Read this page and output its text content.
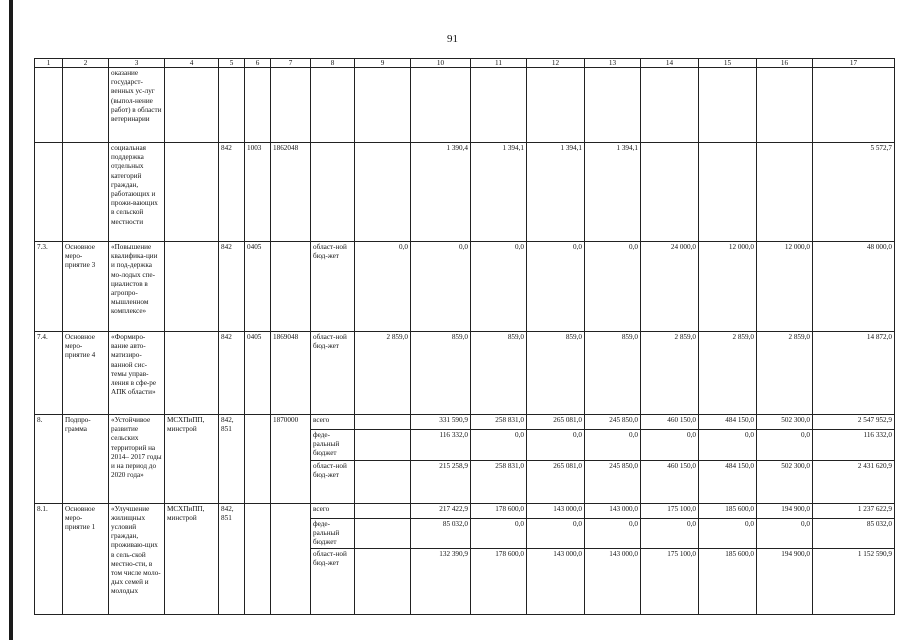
91
1	2	3	4	5	6	7	8	9	10	11	12	13	14	15	16	17
		оказание государст-венных ус-луг (выпол-нение работ) в области ветеринарии														
		социальная поддержка отдельных категорий граждан, работающих и прожи-вающих в сельской местности		842	1003	1862048			1 390,4	1 394,1	1 394,1	1 394,1				5 572,7
7.3.	Основное меро-приятие 3	«Повышение квалифика-ции и под-держка мо-лодых спе-циалистов в агропро-мышленном комплексе»		842	0405		област-ной бюд-жет	0,0	0,0	0,0	0,0	0,0	24 000,0	12 000,0	12 000,0	48 000,0
7.4.	Основное меро-приятие 4	«Формиро-вание авто-матизиро-ванной сис-темы управ-ления в сфе-ре АПК области»		842	0405	1869048	област-ной бюд-жет	2 859,0	859,0	859,0	859,0	859,0	2 859,0	2 859,0	2 859,0	14 872,0
8.	Подпро-грамма	«Устойчивое развитие сельских территорий на 2014– 2017 годы и на период до 2020 года»	МСХПиПП, минстрой	842, 851		1870000	всего		331 590,9	258 831,0	265 081,0	245 850,0	460 150,0	484 150,0	502 300,0	2 547 952,9
							феде-ральный бюджет		116 332,0	0,0	0,0	0,0	0,0	0,0	0,0	116 332,0
							област-ной бюд-жет		215 258,9	258 831,0	265 081,0	245 850,0	460 150,0	484 150,0	502 300,0	2 431 620,9
8.1.	Основное меро-приятие 1	«Улучшение жилищных условий граждан, проживаю-щих в сель-ской местно-сти, в том числе моло-дых семей и молодых	МСХПиПП, минстрой	842, 851			всего		217 422,9	178 600,0	143 000,0	143 000,0	175 100,0	185 600,0	194 900,0	1 237 622,9
							феде-ральный бюджет		85 032,0	0,0	0,0	0,0	0,0	0,0	0,0	85 032,0
							област-ной бюд-жет		132 390,9	178 600,0	143 000,0	143 000,0	175 100,0	185 600,0	194 900,0	1 152 590,9
